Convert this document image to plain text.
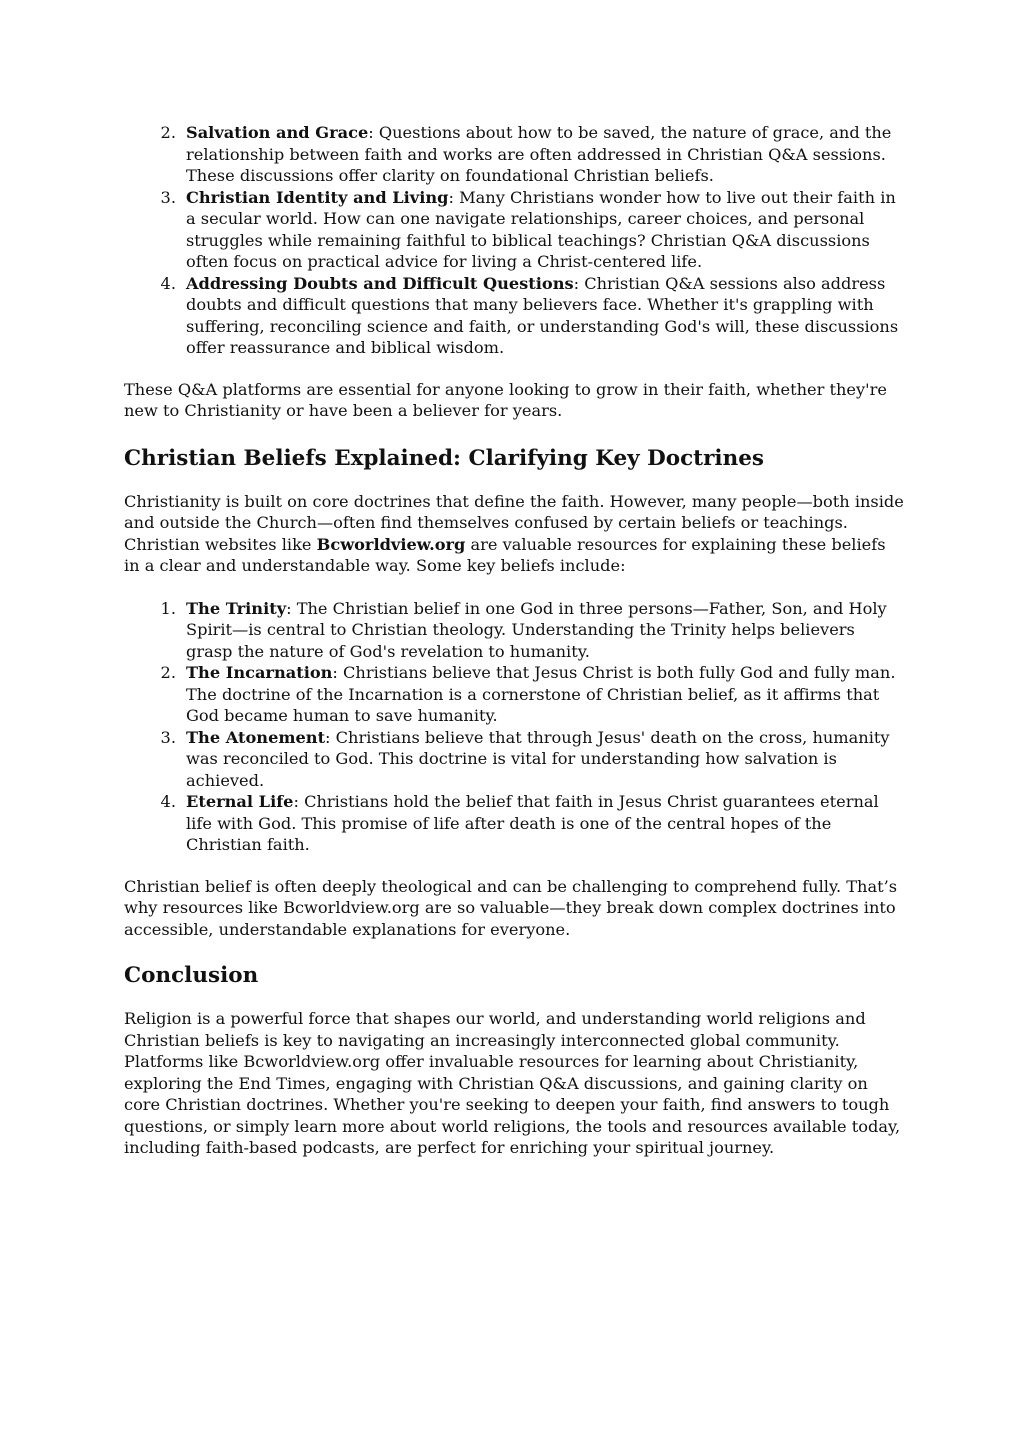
2. Salvation and Grace: Questions about how to be saved, the nature of grace, and the relationship between faith and works are often addressed in Christian Q&A sessions. These discussions offer clarity on foundational Christian beliefs.
3. Christian Identity and Living: Many Christians wonder how to live out their faith in a secular world. How can one navigate relationships, career choices, and personal struggles while remaining faithful to biblical teachings? Christian Q&A discussions often focus on practical advice for living a Christ-centered life.
4. Addressing Doubts and Difficult Questions: Christian Q&A sessions also address doubts and difficult questions that many believers face. Whether it's grappling with suffering, reconciling science and faith, or understanding God's will, these discussions offer reassurance and biblical wisdom.

These Q&A platforms are essential for anyone looking to grow in their faith, whether they're new to Christianity or have been a believer for years.

Christian Beliefs Explained: Clarifying Key Doctrines

Christianity is built on core doctrines that define the faith. However, many people—both inside and outside the Church—often find themselves confused by certain beliefs or teachings. Christian websites like Bcworldview.org are valuable resources for explaining these beliefs in a clear and understandable way. Some key beliefs include:

1. The Trinity: The Christian belief in one God in three persons—Father, Son, and Holy Spirit—is central to Christian theology. Understanding the Trinity helps believers grasp the nature of God's revelation to humanity.
2. The Incarnation: Christians believe that Jesus Christ is both fully God and fully man. The doctrine of the Incarnation is a cornerstone of Christian belief, as it affirms that God became human to save humanity.
3. The Atonement: Christians believe that through Jesus' death on the cross, humanity was reconciled to God. This doctrine is vital for understanding how salvation is achieved.
4. Eternal Life: Christians hold the belief that faith in Jesus Christ guarantees eternal life with God. This promise of life after death is one of the central hopes of the Christian faith.

Christian belief is often deeply theological and can be challenging to comprehend fully. That’s why resources like Bcworldview.org are so valuable—they break down complex doctrines into accessible, understandable explanations for everyone.

Conclusion

Religion is a powerful force that shapes our world, and understanding world religions and Christian beliefs is key to navigating an increasingly interconnected global community. Platforms like Bcworldview.org offer invaluable resources for learning about Christianity, exploring the End Times, engaging with Christian Q&A discussions, and gaining clarity on core Christian doctrines. Whether you're seeking to deepen your faith, find answers to tough questions, or simply learn more about world religions, the tools and resources available today, including faith-based podcasts, are perfect for enriching your spiritual journey.
